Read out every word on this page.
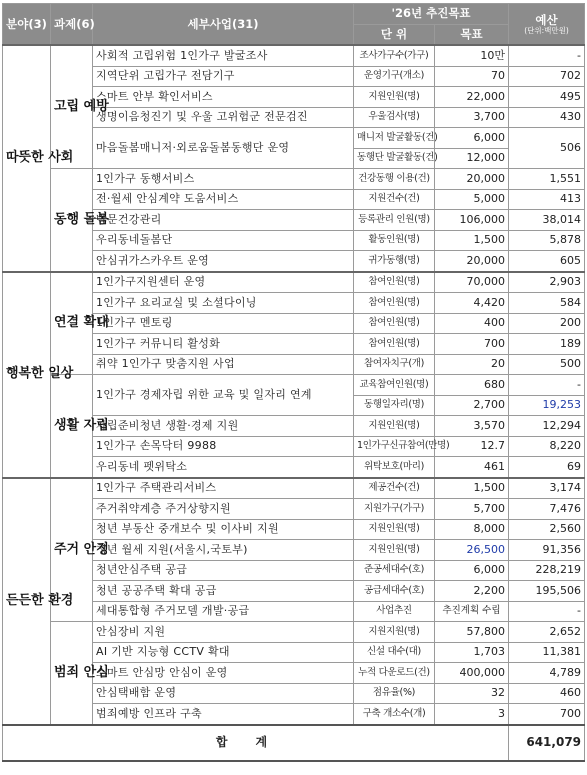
분야(3)	과제(6)	세부사업(31)	'26년 추진목표		예산
(단위:백만원)

			단 위	목표	
따뜻한 사회	고립 예방	사회적 고립위험 1인가구 발굴조사	조사가구수(가구)	10만	-
		지역단위 고립가구 전담기구	운영기구(개소)	70	702
		스마트 안부 확인서비스	지원인원(명)	22,000	495
		생명이음청진기 및 우울 고위험군 전문검진	우울검사(명)	3,700	430
		마음돌봄매니저·외로움돌봄동행단 운영	매니저 발굴활동(건)	6,000	506
			동행단 발굴활동(건)	12,000	
	동행 돌봄	1인가구 동행서비스	건강동행 이용(건)	20,000	1,551
		전·월세 안심계약 도움서비스	지원건수(건)	5,000	413
		방문건강관리	등록관리 인원(명)	106,000	38,014
		우리동네돌봄단	활동인원(명)	1,500	5,878
		안심귀가스카우트 운영	귀가동행(명)	20,000	605
행복한 일상	연결 확대	1인가구지원센터 운영	참여인원(명)	70,000	2,903
		1인가구 요리교실 및 소셜다이닝	참여인원(명)	4,420	584
		1인가구 멘토링	참여인원(명)	400	200
		1인가구 커뮤니티 활성화	참여인원(명)	700	189
		취약 1인가구 맞춤지원 사업	참여자치구(개)	20	500
	생활 자립	1인가구 경제자립 위한 교육 및 일자리 연계	교육참여인원(명)	680	-
			동행일자리(명)	2,700	19,253
		자립준비청년 생활·경제 지원	지원인원(명)	3,570	12,294
		1인가구 손목닥터 9988	1인가구신규참여(만명)	12.7	8,220
		우리동네 펫위탁소	위탁보호(마리)	461	69
든든한 환경	주거 안정	1인가구 주택관리서비스	제공건수(건)	1,500	3,174
		주거취약계층 주거상향지원	지원가구(가구)	5,700	7,476
		청년 부동산 중개보수 및 이사비 지원	지원인원(명)	8,000	2,560
		청년 월세 지원(서울시,국토부)	지원인원(명)	26,500	91,356
		청년안심주택 공급	준공세대수(호)	6,000	228,219
		청년 공공주택 확대 공급	공급세대수(호)	2,200	195,506
		세대통합형 주거모델 개발·공급	사업추진	추진계획 수립	-
	범죄 안심	안심장비 지원	지원지원(명)	57,800	2,652
		AI 기반 지능형 CCTV 확대	신설 대수(대)	1,703	11,381
		스마트 안심망 안심이 운영	누적 다운로드(건)	400,000	4,789
		안심택배함 운영	점유율(%)	32	460
		범죄예방 인프라 구축	구축 개소수(개)	3	700
합계					641,079
